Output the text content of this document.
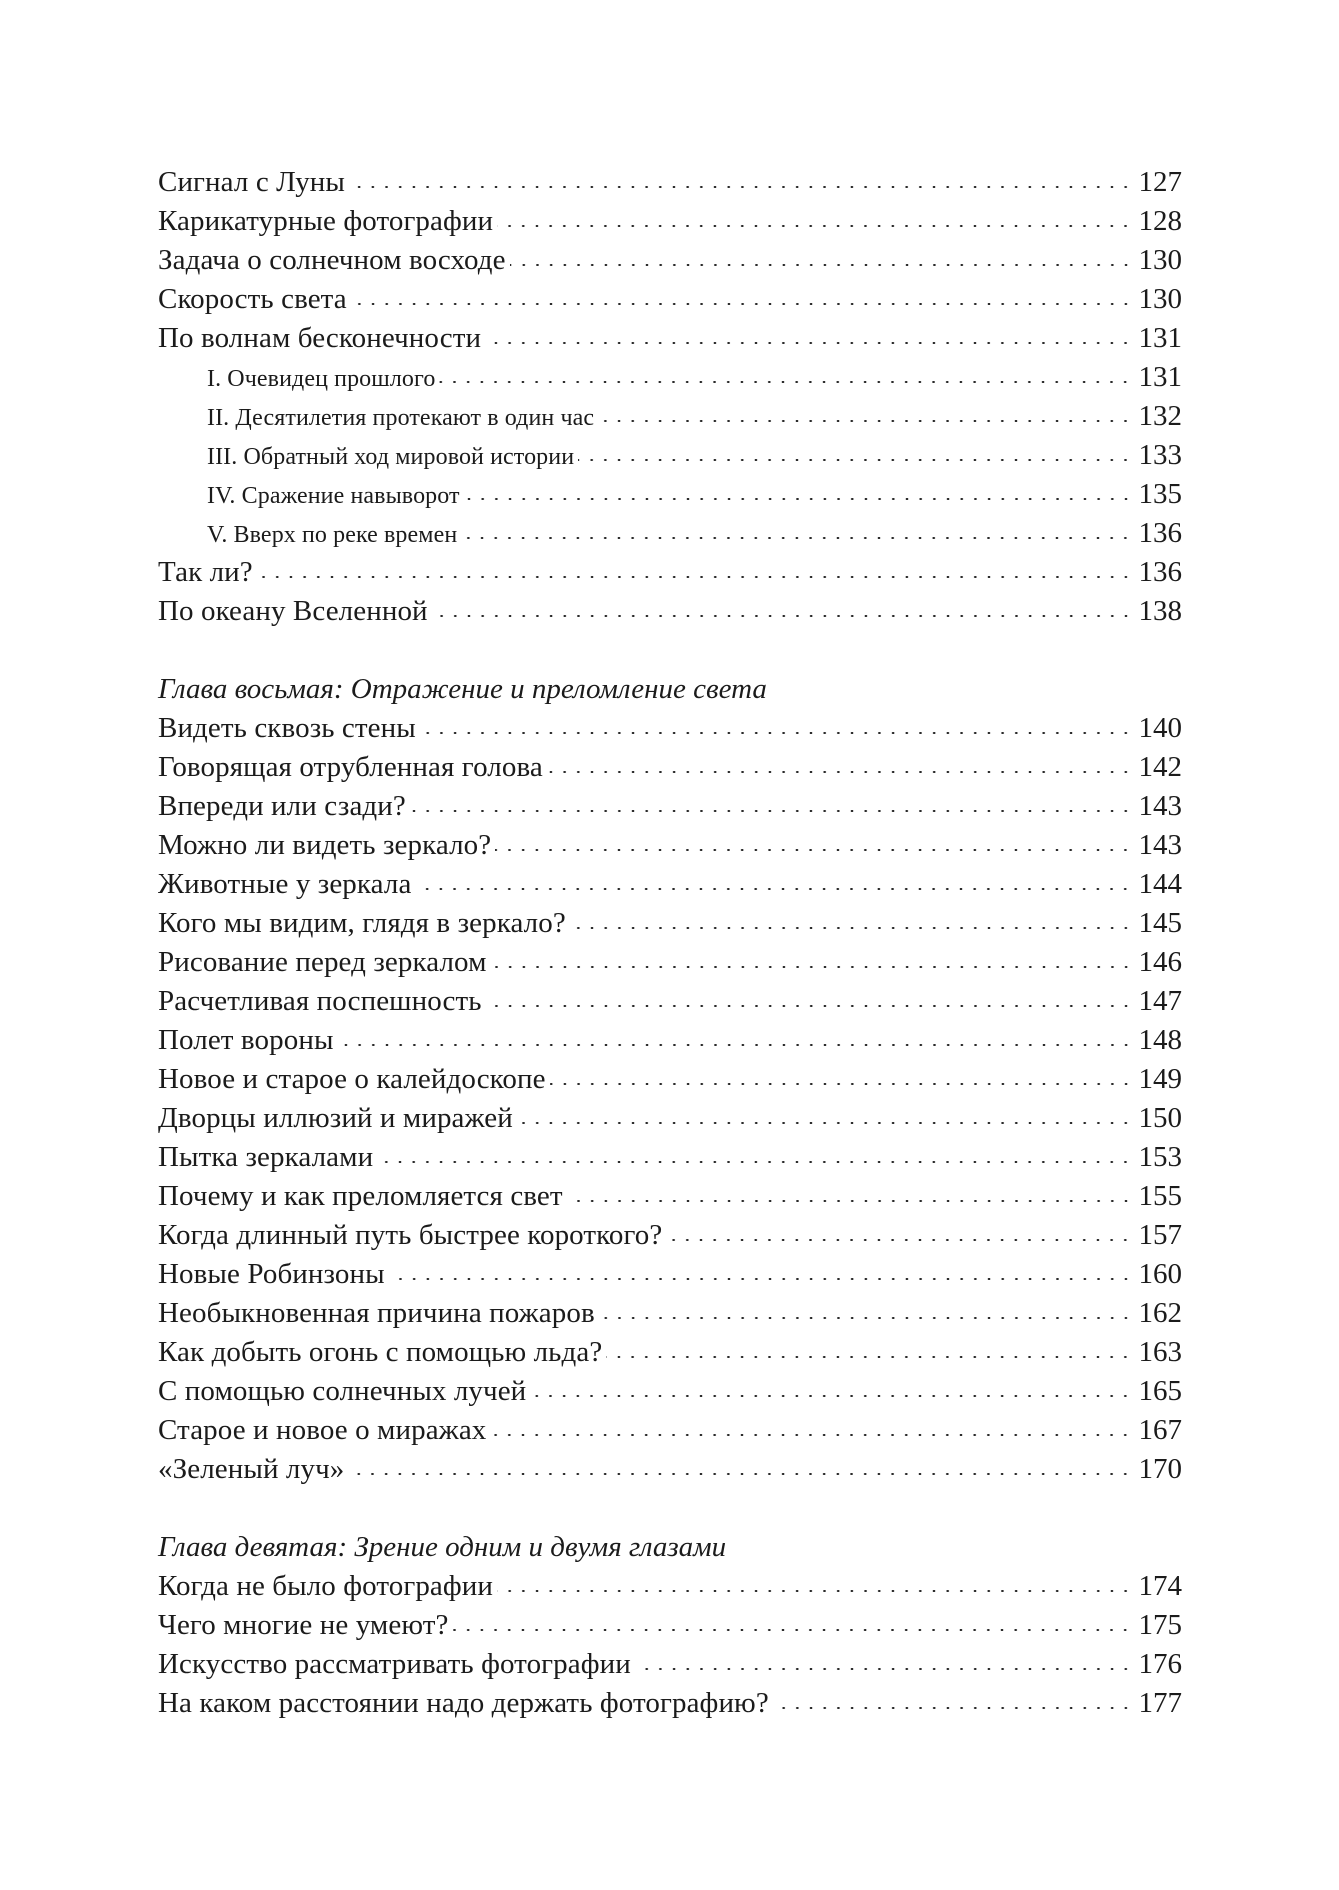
Сигнал с Луны	127
Карикатурные фотографии	128
Задача о солнечном восходе	130
Скорость света	130
По волнам бесконечности	131
I. Очевидец прошлого	131
II. Десятилетия протекают в один час	132
III. Обратный ход мировой истории	133
IV. Сражение навыворот	135
V. Вверх по реке времен	136
Так ли?	136
По океану Вселенной	138
Глава восьмая: Отражение и преломление света
Видеть сквозь стены	140
Говорящая отрубленная голова	142
Впереди или сзади?	143
Можно ли видеть зеркало?	143
Животные у зеркала	144
Кого мы видим, глядя в зеркало?	145
Рисование перед зеркалом	146
Расчетливая поспешность	147
Полет вороны	148
Новое и старое о калейдоскопе	149
Дворцы иллюзий и миражей	150
Пытка зеркалами	153
Почему и как преломляется свет	155
Когда длинный путь быстрее короткого?	157
Новые Робинзоны	160
Необыкновенная причина пожаров	162
Как добыть огонь с помощью льда?	163
С помощью солнечных лучей	165
Старое и новое о миражах	167
«Зеленый луч»	170
Глава девятая: Зрение одним и двумя глазами
Когда не было фотографии	174
Чего многие не умеют?	175
Искусство рассматривать фотографии	176
На каком расстоянии надо держать фотографию?	177
